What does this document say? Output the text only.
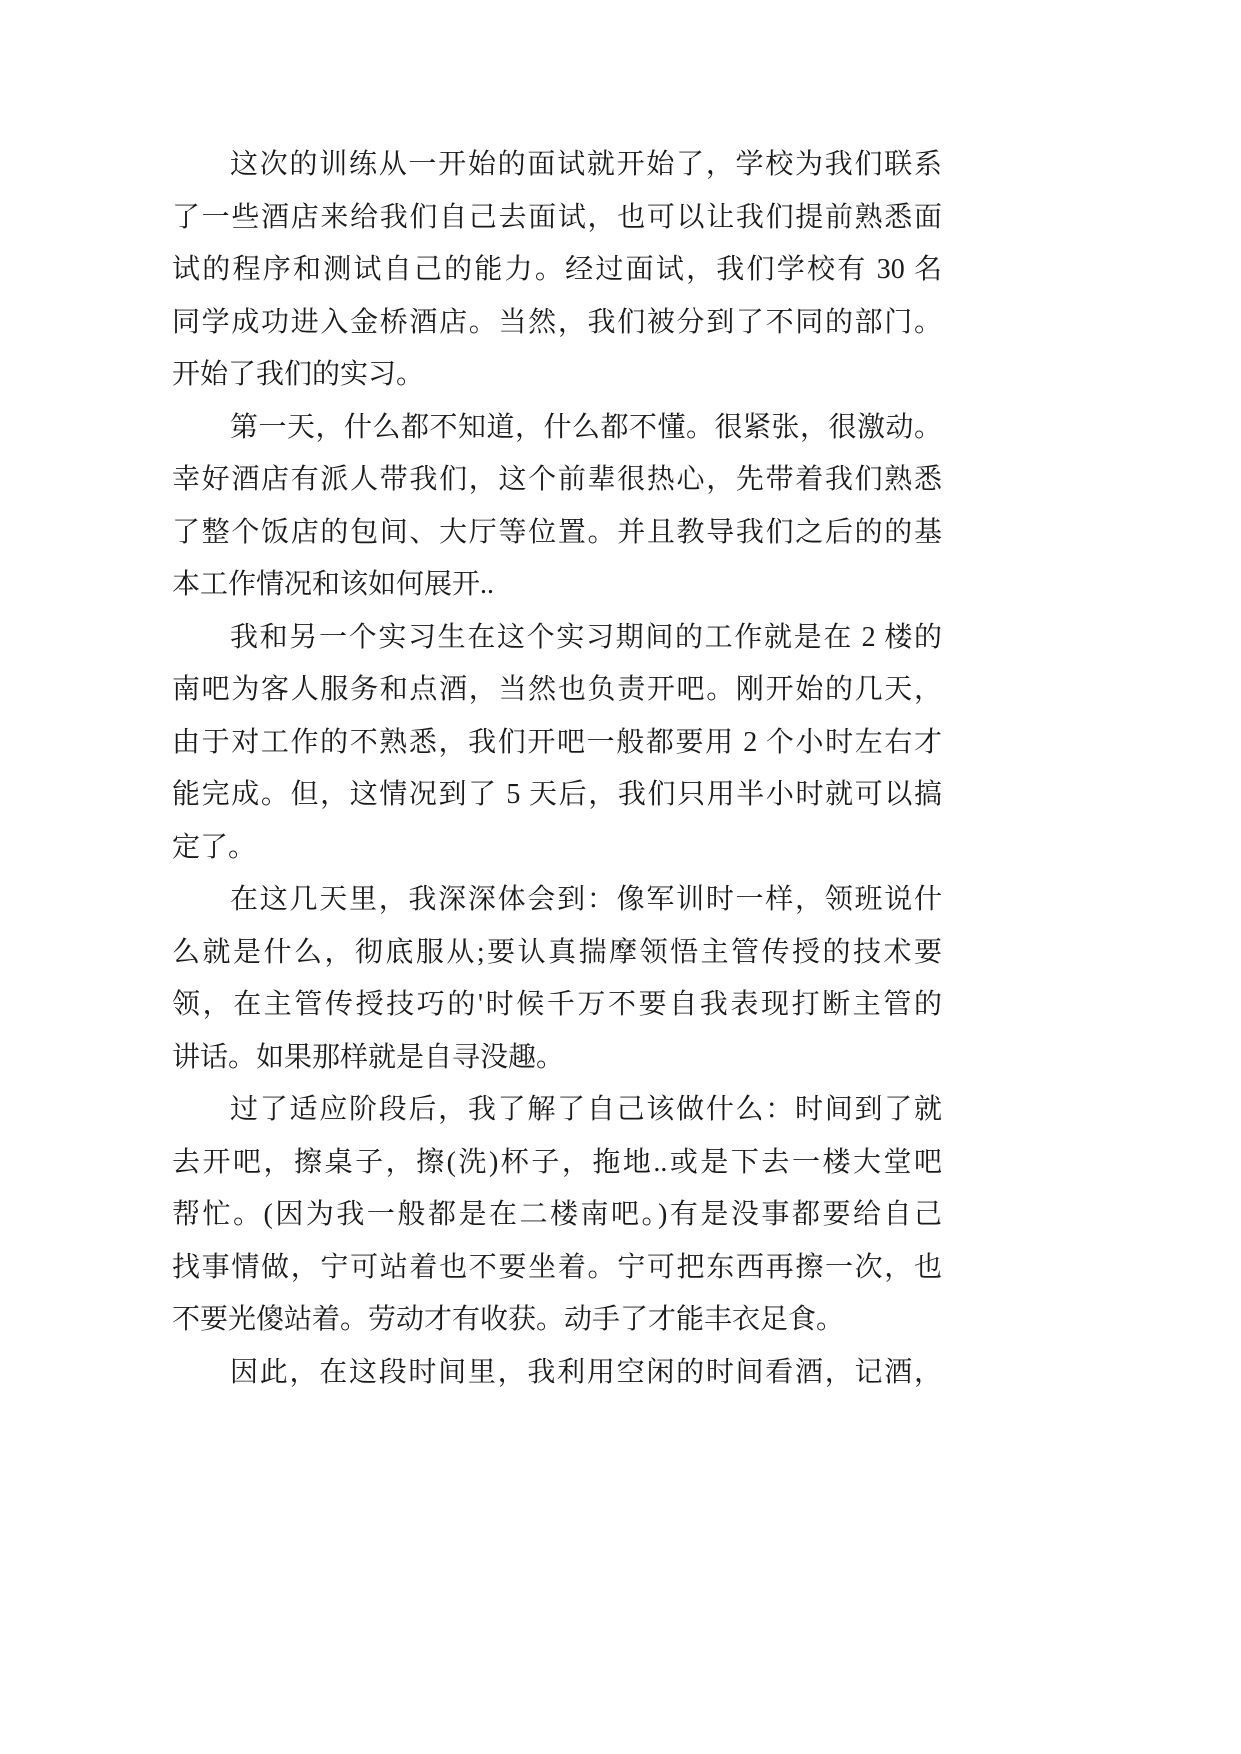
这次的训练从一开始的面试就开始了，学校为我们联系
了一些酒店来给我们自己去面试，也可以让我们提前熟悉面
试的程序和测试自己的能力。经过面试，我们学校有 30 名
同学成功进入金桥酒店。当然，我们被分到了不同的部门。
开始了我们的实习。
第一天，什么都不知道，什么都不懂。很紧张，很激动。
幸好酒店有派人带我们，这个前辈很热心，先带着我们熟悉
了整个饭店的包间、大厅等位置。并且教导我们之后的的基
本工作情况和该如何展开..
我和另一个实习生在这个实习期间的工作就是在 2 楼的
南吧为客人服务和点酒，当然也负责开吧。刚开始的几天，
由于对工作的不熟悉，我们开吧一般都要用 2 个小时左右才
能完成。但，这情况到了 5 天后，我们只用半小时就可以搞
定了。
在这几天里，我深深体会到：像军训时一样，领班说什
么就是什么，彻底服从;要认真揣摩领悟主管传授的技术要
领，在主管传授技巧的'时候千万不要自我表现打断主管的
讲话。如果那样就是自寻没趣。
过了适应阶段后，我了解了自己该做什么：时间到了就
去开吧，擦桌子，擦(洗)杯子，拖地..或是下去一楼大堂吧
帮忙。(因为我一般都是在二楼南吧。)有是没事都要给自己
找事情做，宁可站着也不要坐着。宁可把东西再擦一次，也
不要光傻站着。劳动才有收获。动手了才能丰衣足食。
因此，在这段时间里，我利用空闲的时间看酒，记酒，
